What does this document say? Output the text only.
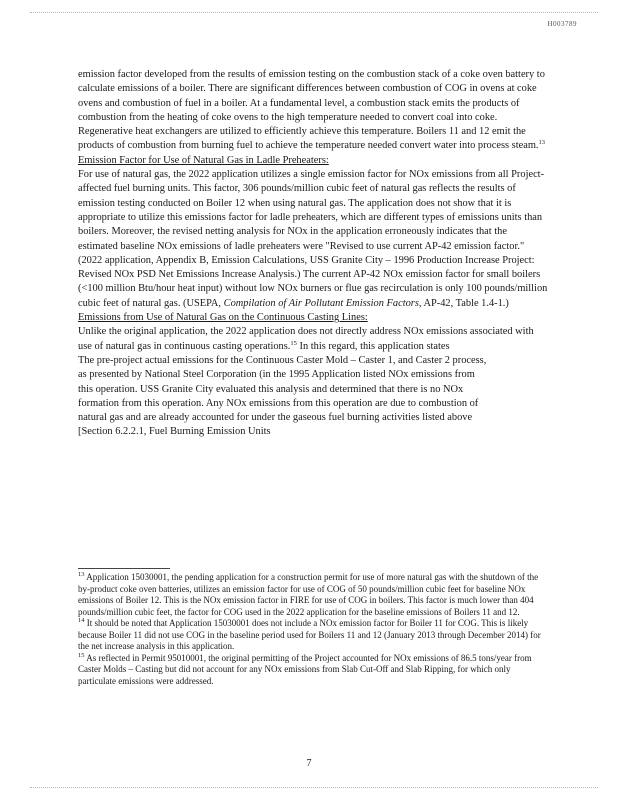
H003789

emission factor developed from the results of emission testing on the combustion stack of a coke oven battery to calculate emissions of a boiler. There are significant differences between combustion of COG in ovens at coke ovens and combustion of fuel in a boiler. At a fundamental level, a combustion stack emits the products of combustion from the heating of coke ovens to the high temperature needed to convert coal into coke. Regenerative heat exchangers are utilized to efficiently achieve this temperature. Boilers 11 and 12 emit the products of combustion from burning fuel to achieve the temperature needed convert water into process steam.$^{13}$

Emission Factor for Use of Natural Gas in Ladle Preheaters:

For use of natural gas, the 2022 application utilizes a single emission factor for NOx emissions from all Project-affected fuel burning units. This factor, 306 pounds/million cubic feet of natural gas reflects the results of emission testing conducted on Boiler 12 when using natural gas. The application does not show that it is appropriate to utilize this emissions factor for ladle preheaters, which are different types of emissions units than boilers. Moreover, the revised netting analysis for NOx in the application erroneously indicates that the estimated baseline NOx emissions of ladle preheaters were "Revised to use current AP-42 emission factor." (2022 application, Appendix B, Emission Calculations, USS Granite City – 1996 Production Increase Project: Revised NOx PSD Net Emissions Increase Analysis.) The current AP-42 NOx emission factor for small boilers (<100 million Btu/hour heat input) without low NOx burners or flue gas recirculation is only 100 pounds/million cubic feet of natural gas. (USEPA, Compilation of Air Pollutant Emission Factors, AP-42, Table 1.4-1.)

Emissions from Use of Natural Gas on the Continuous Casting Lines:

Unlike the original application, the 2022 application does not directly address NOx emissions associated with use of natural gas in continuous casting operations.$^{15}$ In this regard, this application states

The pre-project actual emissions for the Continuous Caster Mold – Caster 1, and Caster 2 process, as presented by National Steel Corporation (in the 1995 Application listed NOx emissions from this operation. USS Granite City evaluated this analysis and determined that there is no NOx formation from this operation. Any NOx emissions from this operation are due to combustion of natural gas and are already accounted for under the gaseous fuel burning activities listed above [Section 6.2.2.1, Fuel Burning Emission Units

$^{13}$ Application 15030001, the pending application for a construction permit for use of more natural gas with the shutdown of the by-product coke oven batteries, utilizes an emission factor for use of COG of 50 pounds/million cubic feet for baseline NOx emissions of Boiler 12. This is the NOx emission factor in FIRE for use of COG in boilers. This factor is much lower than 404 pounds/million cubic feet, the factor for COG used in the 2022 application for the baseline emissions of Boilers 11 and 12.

$^{14}$ It should be noted that Application 15030001 does not include a NOx emission factor for Boiler 11 for COG. This is likely because Boiler 11 did not use COG in the baseline period used for Boilers 11 and 12 (January 2013 through December 2014) for the net increase analysis in this application.

$^{15}$ As reflected in Permit 95010001, the original permitting of the Project accounted for NOx emissions of 86.5 tons/year from Caster Molds – Casting but did not account for any NOx emissions from Slab Cut-Off and Slab Ripping, for which only particulate emissions were addressed.

7
